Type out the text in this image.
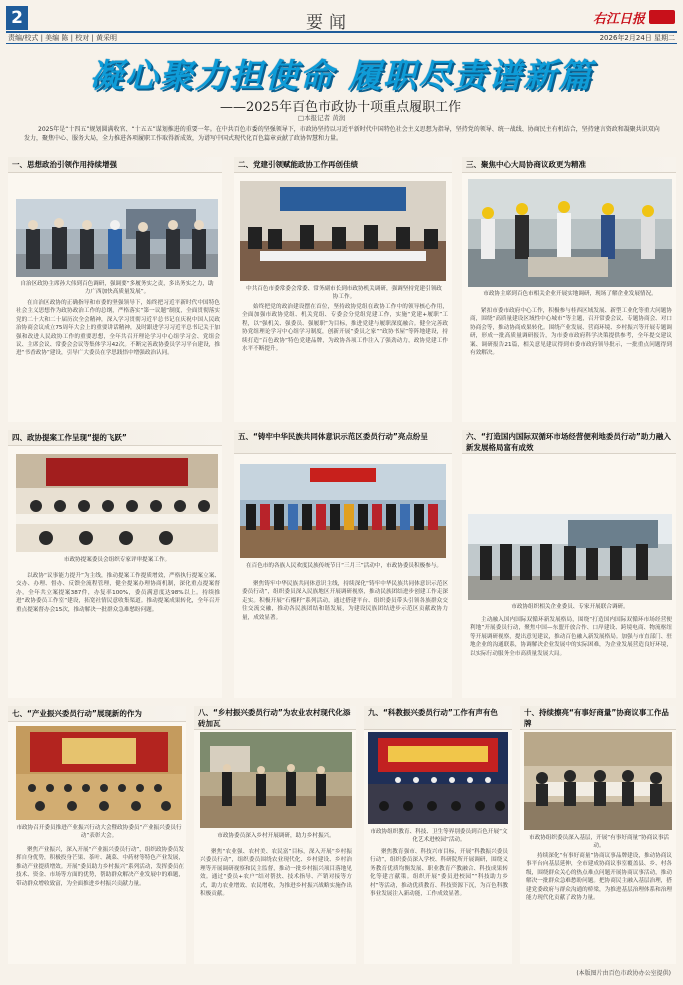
2	要闻	右江日报
责编/校式 | 美编 陈 | 校对 | 黄采明	2026年2月24日 星期二
凝心聚力担使命 履职尽责谱新篇
——2025年百色市政协十项重点履职工作
□本报记者 黄润
2025年是“十四五”规划圆满收官、“十五五”谋划推进的重要一年。在中共百色市委的坚强领导下，市政协坚持以习近平新时代中国特色社会主义思想为指导，坚持党的领导、统一战线、协商民主有机结合，坚持建言资政和凝聚共识双向发力，聚焦中心、服务大局，全力推进各项履职工作取得新成效，为谱写中国式现代化百色篇章贡献了政协智慧和力量。
一、思想政治引领作用持续增强
自治区政协主席孙大伟到百色调研，强调要“多履务实之责，多出务实之力，助力广西加快高质量发展”。
在自治区政协的正确指导和市委的坚强领导下，始终把习近平新时代中国特色社会主义思想作为政协政治工作的总纲，严格落实“第一议题”制度，全面贯彻落实党的二十大和二十届历次全会精神，深入学习贯彻习近平总书记在庆祝中国人民政治协商会议成立75周年大会上的重要讲话精神，及时跟进学习习近平总书记关于加强和改进人民政协工作的重要思想，全年共召开理论学习中心组学习会、党组会议、主席会议、常委会会议等集体学习42次。不断完善政协委员学习平台建设，推进“书香政协”建设，引导广大委员在学思践悟中增强政治认同。
二、党建引领赋能政协工作再创佳绩
中共百色市委常委会常委、常务副市长到市政协机关调研，强调坚持党建引领政协工作。
始终把党的政治建设摆在首位，坚持政协党组在政协工作中的领导核心作用，全面加强市政协党组、机关党组、专委会分党组党建工作，实施“党建+履职”工程，以“强机关、强委员、强履职”为目标，推进党建与履职深度融合。健全完善政协党组理论学习中心组学习制度，创新开展“委员之家”“政协书屋”等阵地建设，持续打造“百色政协”特色党建品牌，为政协各项工作注入了强劲动力，政协党建工作水平不断提升。
三、聚焦中心大局协商议政更为精准
市政协主席到百色市相关企业开展实地调研，现场了解企业发展情况。
紧扣市委市政府中心工作，积极参与桂西区域发展、新型工业化等重大问题协商，围绕“高质量建设区域性中心城市”等主题，召开常委会议、专题协商会、对口协商会等，推动协商成果转化。围绕产业发展、营商环境、乡村振兴等开展专题调研，形成一批高质量调研报告，为市委市政府科学决策提供参考，全年提交建议案、调研报告21篇，相关意见建议得到市委市政府领导批示，一批重点问题得到有效解决。
四、政协提案工作呈现“提的飞跃”
市政协提案委员会组织专家评审提案工作。
以政协“议事能力提升”为主线，推动提案工作提质增效，严格执行提案立案、交办、办理、督办、反馈全流程管理，健全提案办理协商机制，深化重点提案督办，全年共立案提案387件，办复率100%，委员满意度达98%以上。持续推进“政协委员工作室”建设，拓宽社情民意收集渠道。推动提案成果转化，全年召开重点提案督办会15次，推动解决一批群众急难愁盼问题。
五、“铸牢中华民族共同体意识示范区委员行动”亮点纷呈
在百色市的各族人民欢度民族传统节日“三月三”活动中，市政协委员积极参与。
聚焦铸牢中华民族共同体意识主线，持续深化“铸牢中华民族共同体意识示范区委员行动”，组织委员深入民族地区开展调研视察，推动民族团结进步创建工作走深走实。积极开展“石榴籽”系列活动，通过搭建平台、组织委员带头引领各族群众交往交流交融，推动各民族团结和谐发展，为建设民族团结进步示范区贡献政协力量，成效显著。
六、“打造国内国际双循环市场经营便利地委员行动”助力融入新发展格局富有成效
市政协组织相关企业委员、专家开展联合调研。
主动融入国内国际双循环新发展格局，围绕“打造国内国际双循环市场经营便利地”开展委员行动，聚焦中国—东盟开放合作、口岸建设、跨境电商、物流枢纽等开展调研视察，提出意见建议，推动百色融入新发展格局。加强与市直部门、驻地企业的沟通联系，协调解决企业发展中的实际困难，为企业发展营造良好环境，以实际行动服务全市高质量发展大局。
七、“产业振兴委员行动”展现新的作为
市政协召开委员推进产业振兴行动大会暨政协委员“产业振兴委员行动”表彰大会。
聚焦产业振兴，深入开展“产业振兴委员行动”，组织政协委员发挥自身优势，积极投身芒果、茶叶、蔬菜、中药材等特色产业发展，推动产业提质增效。开展“委员助力乡村振兴”系列活动，发挥委员在技术、资金、市场等方面的优势，帮助群众解决产业发展中的难题，带动群众增收致富，为全面推进乡村振兴贡献力量。
八、“乡村振兴委员行动”为农业农村现代化添砖加瓦
市政协委员深入乡村开展调研，助力乡村振兴。
聚焦“农业强、农村美、农民富”目标，深入开展“乡村振兴委员行动”，组织委员围绕农业现代化、乡村建设、乡村治理等开展调研视察和民主监督，推动一批乡村振兴项目落地见效。通过“委员+农户”结对帮扶、技术指导、产销对接等方式，助力农业增效、农民增收，为推进乡村振兴战略实施作出积极贡献。
九、“科教振兴委员行动”工作有声有色
市政协组织教育、科技、卫生等界别委员到百色开展“文化艺术进校园”活动。
聚焦教育强市、科技兴市目标，开展“科教振兴委员行动”，组织委员深入学校、科研院所开展调研，围绕义务教育优质均衡发展、职业教育产教融合、科技成果转化等建言献策。组织开展“委员进校园”“科技助力乡村”等活动，推动优质教育、科技资源下沉，为百色科教事业发展注入新动能，工作成效显著。
十、持续擦亮“有事好商量”协商议事工作品牌
市政协组织委员深入基层，开展“有事好商量”协商议事活动。
持续深化“有事好商量”协商议事品牌建设，推动协商议事平台向基层延伸，全市建成协商议事室覆盖县、乡、村各级，围绕群众关心的热点难点问题开展协商议事活动，推动解决一批群众急难愁盼问题。把协商民主融入基层治理，搭建党委政府与群众沟通的桥梁，为推进基层治理体系和治理能力现代化贡献了政协力量。
(本版图片由百色市政协办公室提供)
